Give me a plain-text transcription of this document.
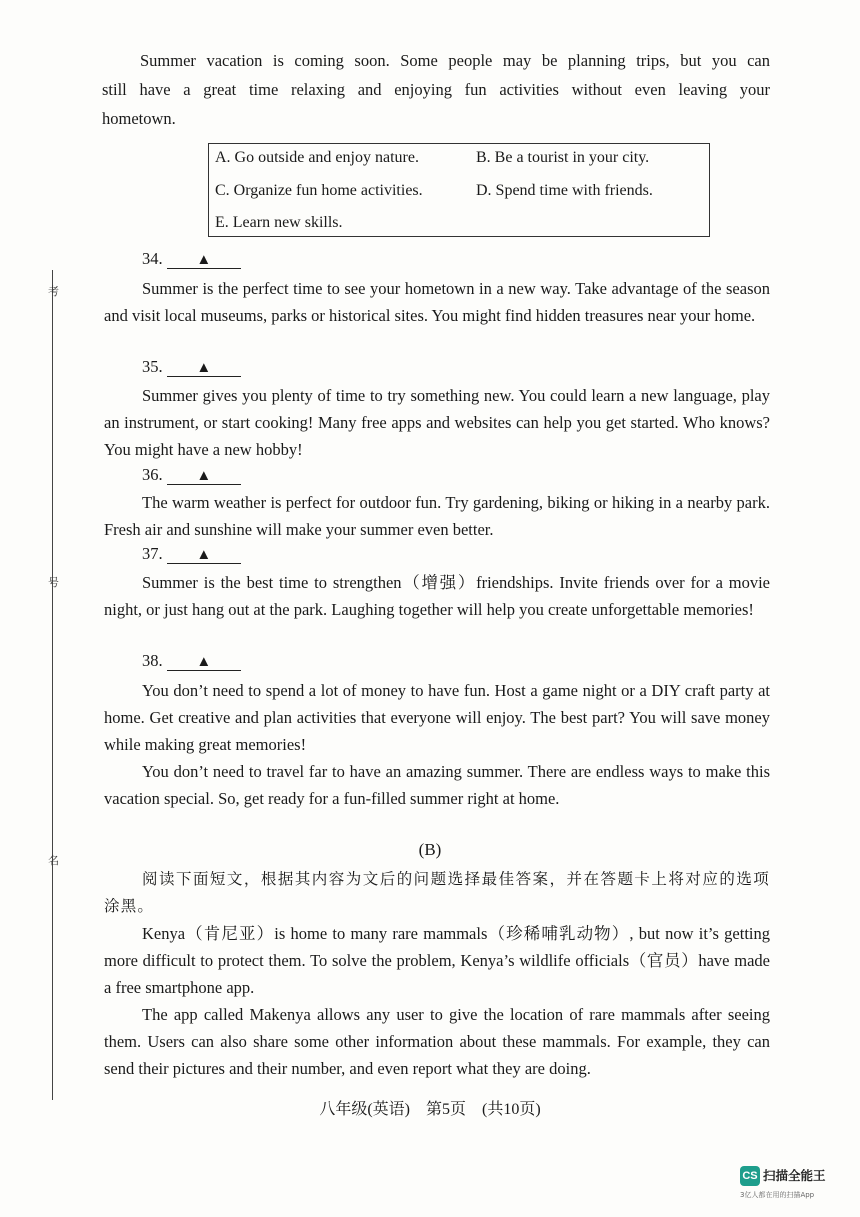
考
号
名
Summer vacation is coming soon. Some people may be planning trips, but you can
still have a great time relaxing and enjoying fun activities without even leaving your
hometown.
A. Go outside and enjoy nature.	B. Be a tourist in your city.
C. Organize fun home activities.	D. Spend time with friends.
E. Learn new skills.
34. ▲
Summer is the perfect time to see your hometown in a new way. Take advantage of the season and visit local museums, parks or historical sites. You might find hidden treasures near your home.
35. ▲
Summer gives you plenty of time to try something new. You could learn a new language, play an instrument, or start cooking! Many free apps and websites can help you get started. Who knows? You might have a new hobby!
36. ▲
The warm weather is perfect for outdoor fun. Try gardening, biking or hiking in a nearby park. Fresh air and sunshine will make your summer even better.
37. ▲
Summer is the best time to strengthen（增强）friendships. Invite friends over for a movie night, or just hang out at the park. Laughing together will help you create unforgettable memories!
38. ▲
You don’t need to spend a lot of money to have fun. Host a game night or a DIY craft party at home. Get creative and plan activities that everyone will enjoy. The best part? You will save money while making great memories!
You don’t need to travel far to have an amazing summer. There are endless ways to make this vacation special. So, get ready for a fun-filled summer right at home.
(B)
阅读下面短文，根据其内容为文后的问题选择最佳答案，并在答题卡上将对应的选项涂黑。
Kenya（肯尼亚）is home to many rare mammals（珍稀哺乳动物）, but now it’s getting more difficult to protect them. To solve the problem, Kenya’s wildlife officials（官员）have made a free smartphone app.
The app called Makenya allows any user to give the location of rare mammals after seeing them. Users can also share some other information about these mammals. For example, they can send their pictures and their number, and even report what they are doing.
八年级(英语)　第5页　(共10页)
CS 扫描全能王
3亿人都在用的扫描App
